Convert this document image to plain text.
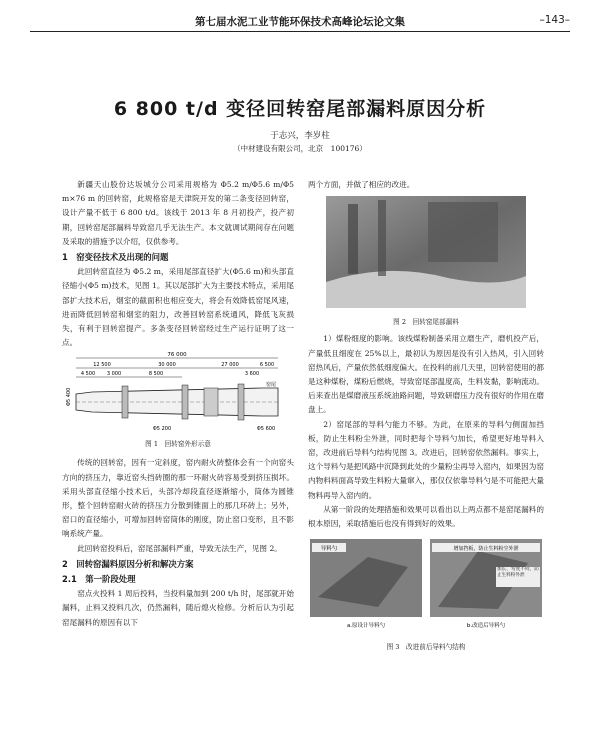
第七届水泥工业节能环保技术高峰论坛论文集	–143–
6 800 t/d 变径回转窑尾部漏料原因分析
于志兴，李岁柱
（中材建设有限公司，北京　100176）

新疆天山股份达坂城分公司采用规格为 Φ5.2 m/Φ5.6 m/Φ5 m×76 m 的回转窑，此规格窑是天津院开发的第二条变径回转窑，设计产量不低于 6 800 t/d。该线于 2013 年 8 月初投产，投产初期，回转窑尾部漏料导致窑几乎无法生产。本文就调试期间存在问题及采取的措施予以介绍，仅供参考。

1　窑变径技术及出现的问题

此回转窑直径为 Φ5.2 m，采用尾部直径扩大(Φ5.6 m)和头部直径缩小(Φ5 m)技术，见图 1。其以尾部扩大为主要技术特点，采用尾部扩大技术后，烟室的截面积也相应变大，将会有效降低窑尾风速，进而降低回转窑和烟室的阻力，改善回转窑系统通风，降低飞灰损失，有利于回转窑提产。多条变径回转窑经过生产运行证明了这一点。

76 000
12 500	30 000	27 000	6 500
4 500 3 000	8 500	3 600
Φ5 400
窑尾
Φ5 200	Φ5 600

图 1　回转窑外形示意

传统的回转窑，因有一定斜度，窑内耐火砖整体会有一个向窑头方向的挤压力，靠近窑头挡砖圈的那一环耐火砖容易受到挤压损坏。采用头部直径缩小技术后，头部冷却段直径逐渐缩小，筒体为圆锥形，整个回转窑耐火砖的挤压力分散到锥面上的那几环砖上；另外，窑口的直径缩小，可增加回转窑筒体的刚度，防止窑口变形，且不影响系统产量。

此回转窑投料后，窑尾部漏料严重，导致无法生产，见图 2。

2　回转窑漏料原因分析和解决方案

2.1　第一阶段处理

窑点火投料 1 周后投料，当投料量加到 200 t/h 时，尾部就开始漏料，止料又投料几次，仍然漏料，随后熄火检修。分析后认为引起窑尾漏料的原因有以下

两个方面，并做了相应的改进。

图 2　回转窑尾部漏料

1）煤粉细度的影响。该线煤粉制备采用立磨生产，磨机投产后，产量低且细度在 25%以上，最初认为原因是没有引入热风，引入回转窑热风后，产量依然低细度偏大。在投料的前几天里，回转窑使用的都是这种煤粉，煤粉后燃烧，导致窑尾部温度高，生料发黏，影响流动。后来查出是煤磨液压系统油路问题，导致研磨压力没有很好的作用在磨盘上。

2）窑尾部的导料勺能力不够。为此，在原来的导料勺侧面加挡板，防止生料粉尘外泄，同时把每个导料勺加长，希望更好地导料入窑，改进前后导料勺结构见图 3。改进后，回转窑依然漏料。事实上，这个导料勺是把风路中沉降到此处的少量粉尘再导入窑内，如果因为窑内物料料面高导致生料粉大量窜入，那仅仅依靠导料勺是不可能把大量物料再导入窑内的。

从第一阶段的处理措施和效果可以看出以上两点都不是窑尾漏料的根本原因，采取措施后也没有得到好的效果。

导料勺	增加挡板，防止生料粉尘外泄
加长，弯度不同，防止生料粉外泄
a.原设计导料勺	b.改造后导料勺

图 3　改进前后导料勺结构
